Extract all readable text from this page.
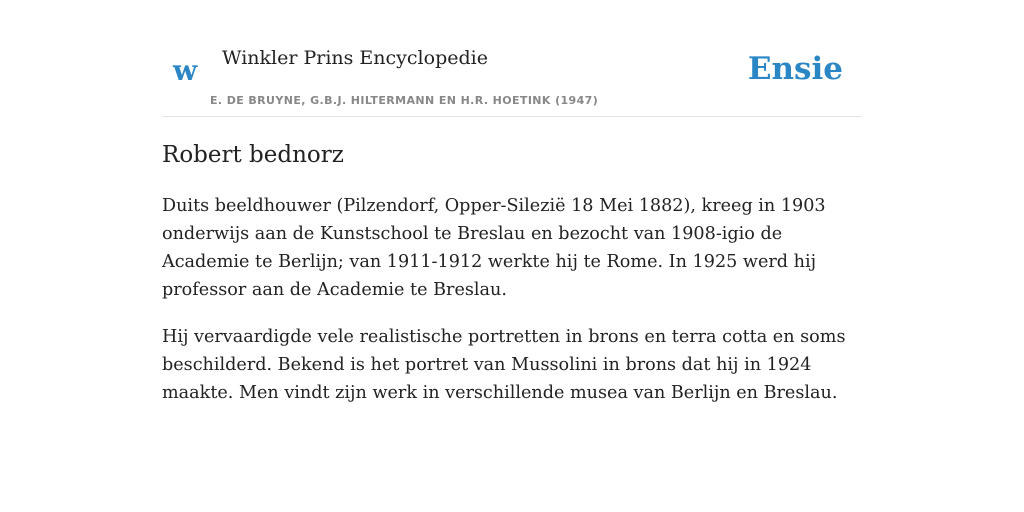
w Winkler Prins Encyclopedie
E. DE BRUYNE, G.B.J. HILTERMANN EN H.R. HOETINK (1947)
Ensie
Robert bednorz

Duits beeldhouwer (Pilzendorf, Opper-Silezië 18 Mei 1882), kreeg in 1903 onderwijs aan de Kunstschool te Breslau en bezocht van 1908-igio de Academie te Berlijn; van 1911-1912 werkte hij te Rome. In 1925 werd hij professor aan de Academie te Breslau.

Hij vervaardigde vele realistische portretten in brons en terra cotta en soms beschilderd. Bekend is het portret van Mussolini in brons dat hij in 1924 maakte. Men vindt zijn werk in verschillende musea van Berlijn en Breslau.
